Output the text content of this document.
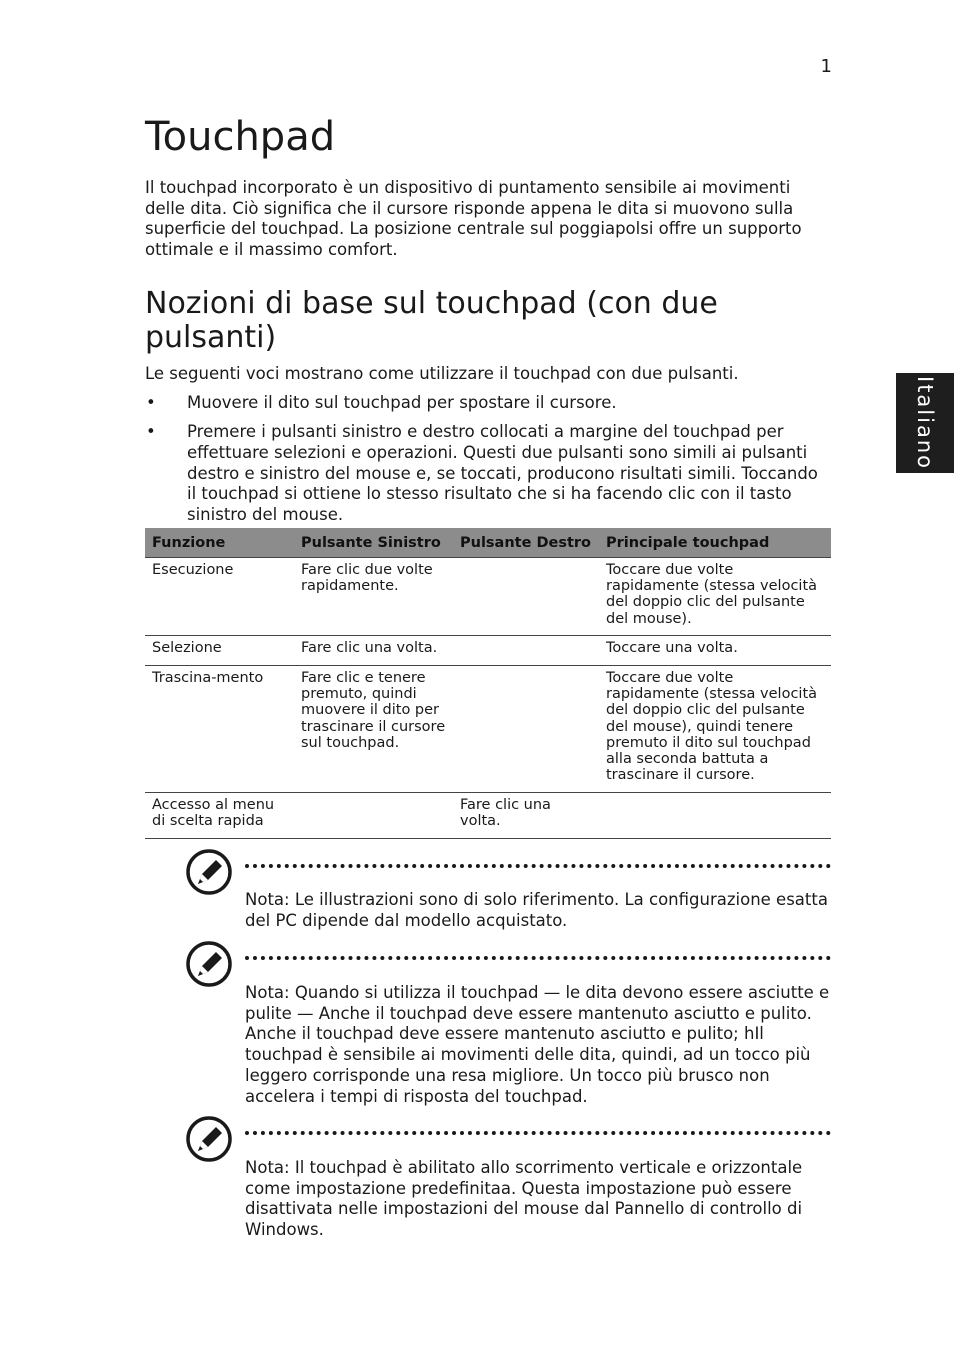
1
Italiano
Touchpad

Il touchpad incorporato è un dispositivo di puntamento sensibile ai movimenti delle dita. Ciò significa che il cursore risponde appena le dita si muovono sulla superficie del touchpad. La posizione centrale sul poggiapolsi offre un supporto ottimale e il massimo comfort.

Nozioni di base sul touchpad (con due pulsanti)

Le seguenti voci mostrano come utilizzare il touchpad con due pulsanti.

• Muovere il dito sul touchpad per spostare il cursore.
• Premere i pulsanti sinistro e destro collocati a margine del touchpad per effettuare selezioni e operazioni. Questi due pulsanti sono simili ai pulsanti destro e sinistro del mouse e, se toccati, producono risultati simili. Toccando il touchpad si ottiene lo stesso risultato che si ha facendo clic con il tasto sinistro del mouse.
Funzione	Pulsante Sinistro	Pulsante Destro	Principale touchpad
Esecuzione	Fare clic due volte rapidamente.		Toccare due volte rapidamente (stessa velocità del doppio clic del pulsante del mouse).
Selezione	Fare clic una volta.		Toccare una volta.
Trascina-mento	Fare clic e tenere premuto, quindi muovere il dito per trascinare il cursore sul touchpad.		Toccare due volte rapidamente (stessa velocità del doppio clic del pulsante del mouse), quindi tenere premuto il dito sul touchpad alla seconda battuta a trascinare il cursore.
Accesso al menu di scelta rapida		Fare clic una volta.	
Nota: Le illustrazioni sono di solo riferimento. La configurazione esatta del PC dipende dal modello acquistato.
Nota: Quando si utilizza il touchpad — le dita devono essere asciutte e pulite — Anche il touchpad deve essere mantenuto asciutto e pulito. Anche il touchpad deve essere mantenuto asciutto e pulito; hIl touchpad è sensibile ai movimenti delle dita, quindi, ad un tocco più leggero corrisponde una resa migliore. Un tocco più brusco non accelera i tempi di risposta del touchpad.
Nota: Il touchpad è abilitato allo scorrimento verticale e orizzontale come impostazione predefinitaa. Questa impostazione può essere disattivata nelle impostazioni del mouse dal Pannello di controllo di Windows.
